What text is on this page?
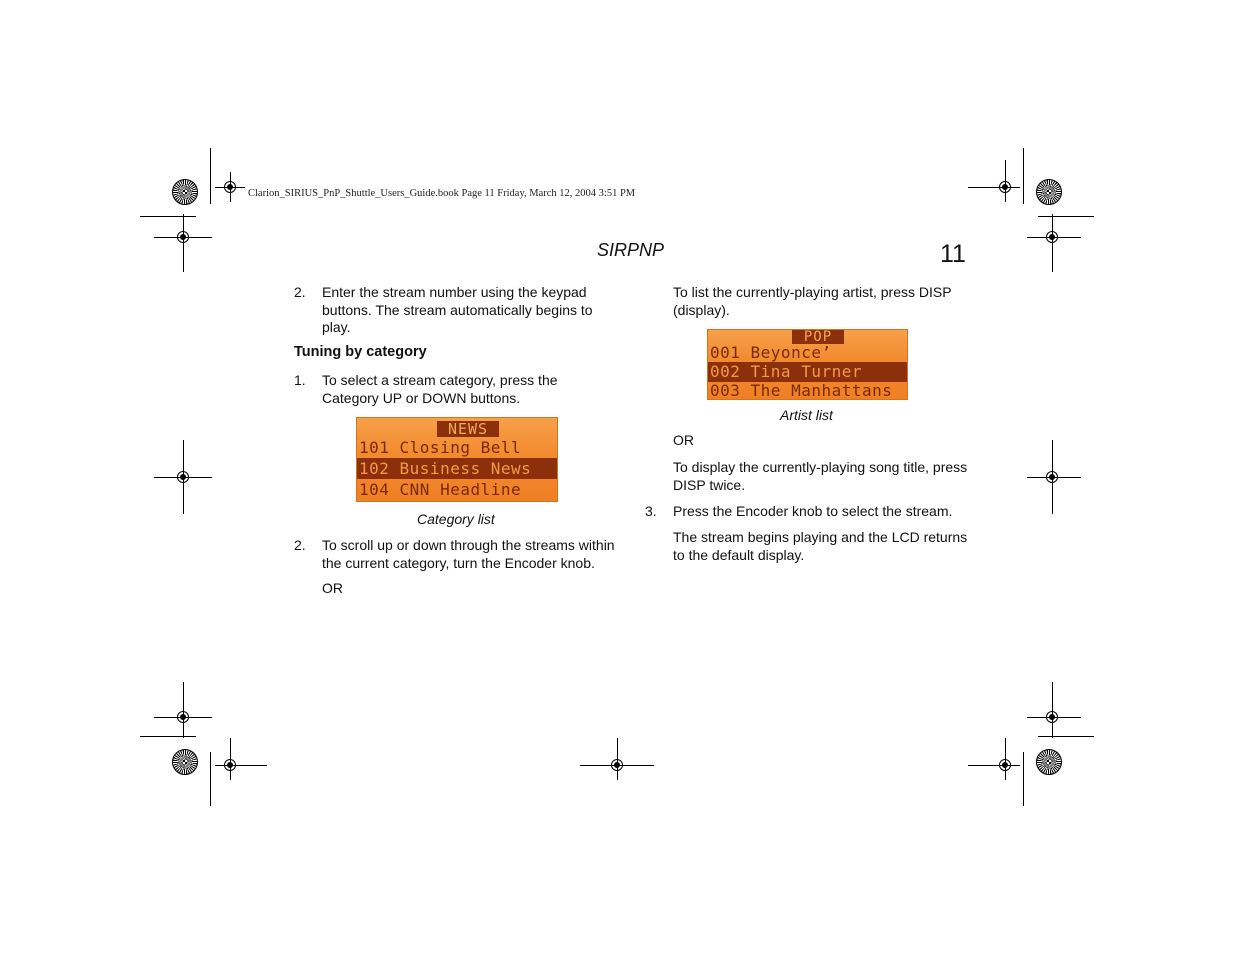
Clarion_SIRIUS_PnP_Shuttle_Users_Guide.book Page 11 Friday, March 12, 2004 3:51 PM
SIRPNP	11
2. Enter the stream number using the keypad buttons. The stream automatically begins to play.
Tuning by category
1. To select a stream category, press the Category UP or DOWN buttons.
NEWS
101 Closing Bell
102 Business News
104 CNN Headline
Category list
2. To scroll up or down through the streams within the current category, turn the Encoder knob.
OR
To list the currently-playing artist, press DISP (display).
POP
001 Beyonce’
002 Tina Turner
003 The Manhattans
Artist list
OR
To display the currently-playing song title, press DISP twice.
3. Press the Encoder knob to select the stream.
The stream begins playing and the LCD returns to the default display.
